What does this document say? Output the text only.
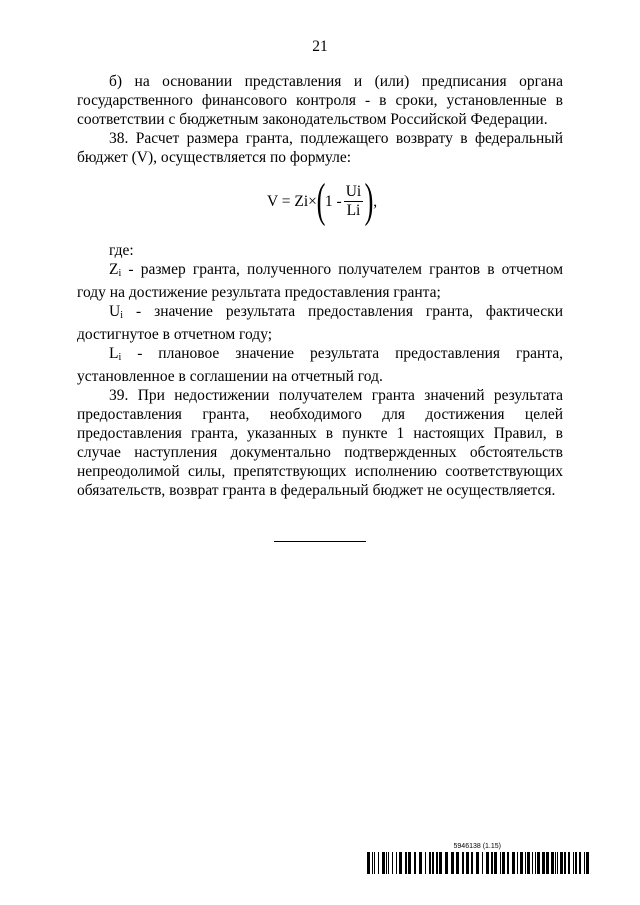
21

б) на основании представления и (или) предписания органа государственного финансового контроля - в сроки, установленные в соответствии с бюджетным законодательством Российской Федерации.

38. Расчет размера гранта, подлежащего возврату в федеральный бюджет (V), осуществляется по формуле:

V = Zi× ( $1 - \frac{Ui}{Li}$ ) ,

где:

$Z_i$ - размер гранта, полученного получателем грантов в отчетном году на достижение результата предоставления гранта;

$U_i$ - значение результата предоставления гранта, фактически достигнутое в отчетном году;

$L_i$ - плановое значение результата предоставления гранта, установленное в соглашении на отчетный год.

39. При недостижении получателем гранта значений результата предоставления гранта, необходимого для достижения целей предоставления гранта, указанных в пункте 1 настоящих Правил, в случае наступления документально подтвержденных обстоятельств непреодолимой силы, препятствующих исполнению соответствующих обязательств, возврат гранта в федеральный бюджет не осуществляется.

5946138 (1.15)
